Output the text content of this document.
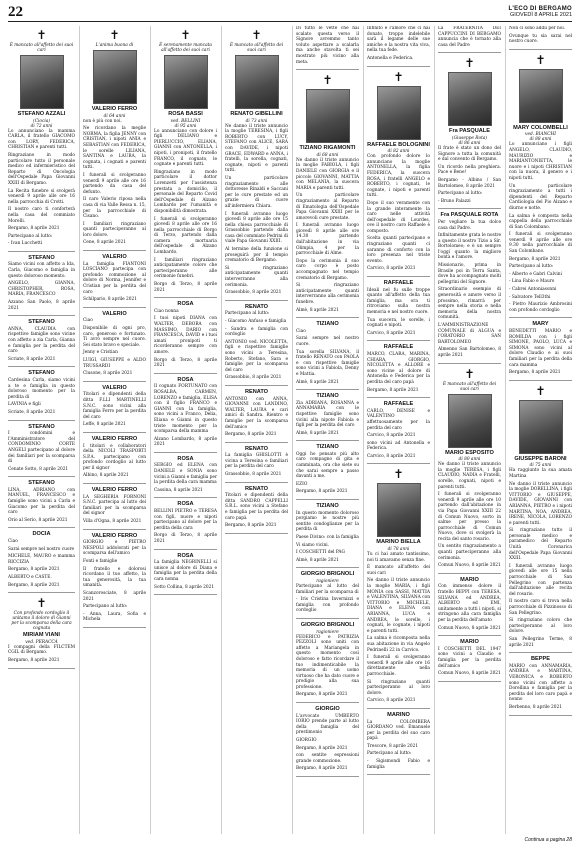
22	L'ECO DI BERGAMO
GIOVEDÌ 8 APRILE 2021
✝
È mancato all'affetto dei suoi cari
STEFANO AZZALI
(Ciocia)
di 72 anni

Lo annunciano la mamma CARLA, il fratello GIACOMO con LORY, FEDERICA, CHRISTIAN e parenti tutti.

Ringraziano in modo particolare tutto il personale medico ed infermieristico del Reparto di Oncologia dell'Ospedale Papa Giovanni XXIII di Bergamo.

La Recita funebre si svolgerà venerdì 9 aprile alle ore 16 nella parrocchia di Crotti.

Il nostro caro ti conforterà nella casa del commiato Morelli.

Bergamo, 8 aprile 2021

Partecipano al lutto:

- Ivan Lucchetti

STEFANO

Siamo vicini con affetto a Ida, Carla, Giacomo e famiglia in questo doloroso momento.

ANGELO, GIANNA, CHRISTOPHER, ROSA, MARIA, FRANCESCO

Azzano San Paolo, 8 aprile 2021

STEFANO

ANNA, CLAUDIA con rispettive famiglie sono vicine con affetto a zia Carla, Gianna e famiglia per la perdita del caro

Scriate, 8 aprile 2021

STEFANO

Cardesina Carla, siamo vicini a te e famiglia in questo doloroso momento per la perdita di

LAVINIA e figli

Scriate, 8 aprile 2021

STEFANO

I condòmini e l'Amministratore del CONDOMINIO CORTE ANGELI partecipano al dolore dei familiari per la scomparsa di

Cenate Sotto, 8 aprile 2021

STEFANO

LINA, ADRIANO con MANUEL, FRANCESCO e famiglie sono vicini a Carla e Giacomo per la perdita del caro

Orio al Serio, 8 aprile 2021

DOCIA

Ciao

Sarai sempre nel nostro cuore

MICHELE, MAURO e mamma RICCIZIA

Bergamo, 8 aprile 2021

ALBERTO e CASTE.

Bergamo, 8 aprile 2021

✝
Con profondo cordoglio il unitamo il dolore di Gianni per la scomparsa della cara cognata
MIRIAM VIANI
ved. PERACCA

I compagni della FILCTEM CGIL di Bergamo.

Bergamo, 8 aprile 2021

✝
L'anima buona di
VALERIO FERRO
di 64 anni

non è più con noi.

Ne ricordano la meglie NORMA, la figlia JENNY con CRISTIAN, i nipoti ANIA e SEBASTIAN con FEDERICA, le sorelle LILIANA, SANTINA e LAURA, la cognata, i cognati e parenti tutti.

I funerali si svolgeranno venerdì 9 aprile alle ore 16 partendo da casa del defunto.

Il caro Valerio riposa nella casa di via Valle Ressa n. 15, per la parrocchiale di Cisano.

I familiari ringraziano quanti parteciperanno al loro dolore.

Cene, 8 aprile 2021

VALERIO

La famiglia FIANTONI LOSCIANO partecipa con profondo commozione al dolore di Norma, Jennifer e Cristian per la perdita del caro

Schilpario, 8 aprile 2021

VALERIO

Ciao

Disponibile di ogni pro, caro, generoso e fortunato. Ti avrò sempre nel cuore. Sei stato bravo e speciale.

Jenny e Cristian

LUIGI, GIUSEPPE e ALDO TRUSSARDI

Clusone, 8 aprile 2021

VALERIO

Titolari e dipendenti della ditta F.LLI MARTINELLI S.N.C. sono vicini alla famiglia Ferro per la perdita del caro

Leffe, 8 aprile 2021

VALERIO FERRO

I titolari e collaboratori della NICOLI TRASPORTI S.P.A. partecipano con profondo cordoglio al lutto per il signor

Albino, 8 aprile 2021

VALERIO FERRO

LA SEGHERIA FORNONI S.N.C. partecipa al lutto dei familiari per la scomparsa del signor

Villa d'Ogna, 8 aprile 2021

VALERIO FERRO

GIORGIO e PIETRO NESPOLI addolorati per la scomparsa dell'amico

Fonti e famiglie

Il fratello e dolorosi ricordano il tuo affetto, la tua generosità, la tua umanità.

Scanzorosciate, 8 aprile 2021

Partecipano al lutto:

- Anna, Laura, Sofia e Michela

✝
È serenamente mancata all'affetto dei suoi cari
ROSA BASSI
ved. BELLINI
di 95 anni

Lo annunciano con dolore i figli DELIANO e PIERLUCCIO, ELIANA, GIANNI con ANTONELLA, i nipoti, i pronipoti, il fratello FRANCO, il cognato, le cognate e parenti tutti.

Ringraziano in modo particolare il dottor Lorenzetti per l'assistenza prestata a domicilio, il personale del Reparto Covid dell'Ospedale di Alzano Lombardo per l'umanità e disponibilità dimostrata.

I funerali si svolgeranno giovedì 8 aprile alle ore 16 nella parrocchiale di Borgo di Terzo, partendo dalla camera mortuaria dell'ospedale di Alzano Lombardo.

I familiari ringraziano anticipatamente coloro che parteciperanno alle cerimonie funebri.

Borgo di Terzo, 8 aprile 2021

ROSA

Ciao nonna

I tuoi nipoti DIANA con WALTER, DEBORA con MASSIMO, DARIO con FRANCESCA, DAVID e i tuoi amati pronipoti ti ricorderanno sempre con amore.

Borgo di Terzo, 8 aprile 2021

ROSA

Il cognato FORTUNATO con ROSALBA, CARMEN, LORENZO e famiglia, ELISA con il figlio FRANCO e GIANNI con la famiglia, sono vicini a Franco, Delia, Eliana e Gianni in questo triste momento per la scomparsa della mamma

Alzano Lombardo, 8 aprile 2021

ROSA

SERGIO ed ELENA con DANIELE e SONIA sono vicini a Gianni e famiglia per la perdita della cara mamma

Cassina, 8 aprile 2021

ROSA

BELLINI PIETRO e TERESA con figli, nuore e nipoti partecipano al dolore per la perdita della cara

Borgo di Terzo, 8 aprile 2021

ROSA

La famiglia NEGRINELLI si unisce al dolore di Diana e famiglia per la perdita della cara nonna

Sotto Collina, 8 aprile 2021

✝
È mancato all'affetto dei suoi cari
RENATO GIBELLINI
di 73 anni

Ne danno il triste annuncio la moglie TERESINA, i figli ROBERTO con LUCY, STEFANO con ALICE, SARA con DAVIDE, i nipoti GRACE, EDWARD e ANNA, i fratelli, la sorella, cognati, cognate, nipoti e parenti tutti.

Un particolare ringraziamento alle dottoresse Rinaldi e Saccani per le cure prestate ed un grazie di cuore all'infermiera Chiara.

I funerali avranno luogo giovedì 8 aprile alle ore 15 nella chiesa parrocchiale di Grassobbio partendo dalla casa del commiato Pedrini di viale Papa Giovanni XXIII.

Al termine della funzione si proseguirà per il tempio crematorio di Bergamo.

Si ringraziano anticipatamente quanti interverranno alla cerimonia.

Grassobbio, 8 aprile 2021

RENATO

Partecipano al lutto:

- Giacomo Anfuso e famiglia

- Sandra e famiglia con cordoglio

ANTONIO ved. NICOLETTA, figli e rispettive famiglie sono vicini a Teresina, Roberto, Stefano, Sara e famiglie per la scomparsa del caro

Grassobbio, 8 aprile 2021

RENATO

ANTONIO con ANNA, GIOVANNI con LANDINO, WALTER, LAURA e cari amici di Sandra. Rientro e famiglie per la scomparsa dell'amico

Bergamo, 8 aprile 2021

RENATO

La famiglia GHISLOTTI è vicina a Teresina e familiari per la perdita del caro

Grassobbio, 8 aprile 2021

RENATO

Titolari e dipendenti della ditta SANDRO CAPPELLI S.R.L. sono vicini a Stefano e famiglia per la perdita del caro papà

Bergamo, 8 aprile 2021

Di tutto le vette che hai scalato questa verso il Signore avremmo tanto voluto aspettare a scalarla ma anche stavolta ti sei mostrato più vicino alla meta.

✝
TIZIANO RIGAMONTI
di 68 anni

Ne danno il triste annuncio la moglie FABIOLA, i figli DANIELE con GIORGIA e il piccolo GIOVANNI, MATTIA con MELANIA, la suocera MARIA e parenti tutti.

Un particolare ringraziamento al Reparto di Ematologia dell'Ospedale Papa Giovanni XXIII per le amorevoli cure prestate.

I funerali avranno luogo giovedì 8 aprile alle ore 14.30 partendo dall'abitazione in via Olimpia, 4 per la parrocchiale di Alme.

Dopo la cerimonia il suo caro corpo è posto accompagnato nel tempio crematorio di Bergamo.

Si ringraziano anticipatamente quanti interverranno alla cerimonia funebre.

Almè, 8 aprile 2021

TIZIANO

Ciao

Sarai sempre nel nostro cuore.

Tua sorella SILVANA, il fratello RENATO con PAOLA e con rispettive famiglie sono vicini a Fabiola, Denny e Mattia.

Almè, 8 aprile 2021

TIZIANO

Zia ADRIANA, ROSANNA e ANNAMARIA con le rispettive famiglie sono vicini alla nipote Fabiola e figli per la perdita del caro

Almè, 8 aprile 2021

TIZIANO

Oggi ho pensato più alto caro compagno di gita e camminata, ora che siete su che sarai sempre a passo davanti a me.

EZIO

Bergamo, 8 aprile 2021

TIZIANO

In questo momento doloroso porgiamo le nostre più sentite condoglianze per la perdita di

Paese Divino: con la famiglia

Vi siamo vicini.

I COSCHETTI del PAG

Almè, 8 aprile 2021

GIORGIO BRIGNOLI
ragioniere

Partecipano al lutto del familiari per la scomparsa di

- Iris Cristina Invernizzi e famiglia con profondo cordoglio

GIORGIO BRIGNOLI
ragioniere

FEDERICO e PATRIZIA PEZZOLI sono uniti con affetto a Mariangela in questo momento così doloroso e fatto ricordare il tuo indimenticabile la memoria di un uomo virtuoso che ha dato cuore e prodigio alla sua professione.

Bergamo, 8 aprile 2021

GIORGIO

L'avvocato UMBERTO IORIO prende parte al lutto della famiglia del prestimonio

GIORGIO

Bergamo, 8 aprile 2021

con sentite espressioni grande commozione.

Bergamo, 8 aprile 2021

Infinito è l'amore che ci hai donato, troppo indelebile sarà il legame delle sue amiche e la nostra vita viva, nella tua fede.

Antonella e Federica.

✝
RAFFAELE BOLOGNINI
di 82 anni

Con profondo dolore lo annunciano la moglie ANTONELLA, la figlia FEDERICA, la suocera ROSA, i fratelli ANGELO e ROBERTO, i cognati, le cognate, i nipoti e parenti tutti.

Dopo il suo veramente con la grande interamente la caro nelle attività dell'ospedale di Lourdes, ove il nostro caro Raffaele è composto.

Scelta quanti partecipano e ringraziano quanti ci saranno di conforto con la loro presenza nel triste evento.

Carvico, 8 aprile 2021

RAFFAELE

Ideali nel fu sulle troppe quanto all'affetto della tua famiglia, ma ora ti ritroviamo sulla nostra memoria e nel nostro cuore.

Tua suocera, le sorelle, i cognati e nipoti.

Carvico, 8 aprile 2021

RAFFAELE

MARCO, CLARA, MARINA, CHIARA, GIORGIO, NICOLETTA e ALLORE e sono vicine al dolore di Antonella e Federica per la perdita del caro papà

Bergamo, 8 aprile 2021

RAFFAELE

CARLO, DENISE e VALENTINO affettuosamente per la perdita del caro

Carvico, 8 aprile 2021

sono vicini ad Antonella e Federica.

Carvico, 8 aprile 2021

✝
MARINO BIELLA
di 78 anni

Tu ci hai amato tantissimo, noi ti amavamo senza fine.

È mancato all'affetto dei suoi cari

Ne danno il triste annuncio la moglie MARIA, i figli MONIA con SASSI, MATTIA e VALENTINA, SILVANA con VITTORIO e MICHELE, DIANA e ELENA con ARIANNA, LUCA e ANDREA, le sorelle, i cognati, le cognate, i nipoti e parenti tutti.

La salma è ricomposta nella sua abitazione in via Angelo Pedrinelli 22 in Carvico.

I funerali si svolgeranno venerdì 9 aprile alle ore 16 direttamente nella parrocchiale.

Si ringraziano quanti parteciperanno al loro dolore.

Carvico, 8 aprile 2021

MARINO

La COLOMBERA GIORDANO ved. Emanuele per la perdita del suo caro papà

Trescore, 8 aprile 2021

Partecipano al lutto:

- Sigismondi Fabio e famiglia

La FRATERNITÀ DEI CAPPUCCINI DI BERGAMO annuncia che è tornato alla casa del Padre

✝
Fra PASQUALE
(Giuseppe Rota)
di 86 anni

Il frate è stato un dono del Signore a tutta la comunità e dal convento di Bergamo.

Un ricordo nella preghiera. Pace e Bene!

Bergamo - Albino / San Bartolomeo, 8 aprile 2021

Partecipano al lutto:

- Bruno Palazzi

Fra PASQUALE ROTA

Per vegliare la tua dolce casa dal Padre.

Infinitamente grata le nostre a questo il nostro Tizio a Sir. Bortolomeo; e è un sempre l'oggi quanto la migliore bontà e l'amore.

Missionario, prima in Brasile poi in Terra Santa, dove ha accompagnato molti pellegrini del Signore.

Straordinario esempio di generosità e amore verso il prossimo, rimarrà per sempre nella storia e nella memoria della nostra comunità.

L'AMMINISTRAZIONE COMUNALE di ALGUA e l'ORATORIO SAN BARTOLOMEO

Almenno San Bartolomeo, 8 aprile 2021

✝
È mancato all'affetto dei suoi cari
MARIO ESPOSITO
di 80 anni

Ne danno il triste annuncio la moglie TERESA, i figli CLAUDIO, NADIA e Fratelli, sorelle, cognati, nipoti e parenti tutti.

I funerali si svolgeranno venerdì 9 aprile alle ore 10 partendo dall'abitazione in via Papa Giovanni XXIII 22 di Comun Nuovo, sorto in salme per presso la parrocchiale di Comun Nuovo, dove si svolgerà la recita del santo rosario.

Un sentito ringraziamento a quanti parteciperanno alla cerimonia.

Comun Nuovo, 8 aprile 2021

MARIO

Con immenso dolore il fratello BEPPI con TERESA, SILVANA ed ANDREA, ALBERTO ed EMI, unitamente a tutti i nipoti, si stringono alla cara famiglia per la perdita dell'amato

Comun Nuovo, 8 aprile 2021

MARIO

I COSCHETTI DEL 1947 sono vicini a Claudio e famiglia per la perdita dell'amico

Comun Nuovo, 8 aprile 2021

Non ci sono addii per noi.

Ovunque tu sia sarai nel nostro cuore.

✝
MARY COLOMBELLI
ved. BIANCHI
di 88 anni

Lo annunciano i figli ANGELO, CLAUDIO, MAURIZIO e MARIANTONIETTA, le nuore e i nipoti CHRISTIAN con la nuora, il genero e i nipoti tutti.

Un particolare ringraziamento a tutti i dipendenti del Reparto Cardiologia del Pio Alzano e diurno e notte.

La salma è composta nella cappella della parrocchiale di San Colombano.

I funerali si svolgeranno venerdì 9 aprile alle ore 9.30 nella parrocchiale di San Colombano.

Bergamo, 8 aprile 2021

Partecipano al lutto:

- Alberto e Gabri Calvini

- Lina Fabio e Mauro

- Cabrei Antoniasonni

- Salvatore Tell3thi

- Pietro Maurizio Ambrosini con profondo cordoglio

MARY

BENEDETTI MARIO e ROMILDA con i figli SIMONE, PAOLO, LUCA e SIMONA sono vicini al dolore Claudio e ai suoi familiari per la perdita della cara mamma

Bergamo, 8 aprile 2021

✝
GIUSEPPE BARONI
di 75 anni

Ha raggiunto la sua amata Martina

Ne danno il triste annuncio la moglie DORELLINA, i figli VITTORIO e GIUSEPPE, DAVIDE, GIOVANNI con ARIANNA, PIETRO e i nipoti MARTINA, NOA, ANDREA, IRENE, NICOLA, LORENZO e parenti tutti.

Si ringraziano tutto il personale medico e paramedico del Reparto Unità Coronarica dell'Ospedale Papa Giovanni XXIII.

I funerali avranno luogo giovedì alle ore 15 nella parrocchiale di San Pellegrino con partenza dall'abitazione alle recita del rosario.

Il nostro caro si trova nella parrocchiale di Pizzinosso di San Pellegrino.

Si ringraziano coloro che parteciperanno al loro dolore.

San Pellegrino Terme, 8 aprile 2021

BEPPE

MARIO con ANNAMARIA, ANDREA e MARTINA, VERONICA e ROBERTO sono vicini con affetto a Dorellina e famiglia per la perdita del loro caro papà e nonno

Berbenno, 8 aprile 2021

Continua a pagina 28
